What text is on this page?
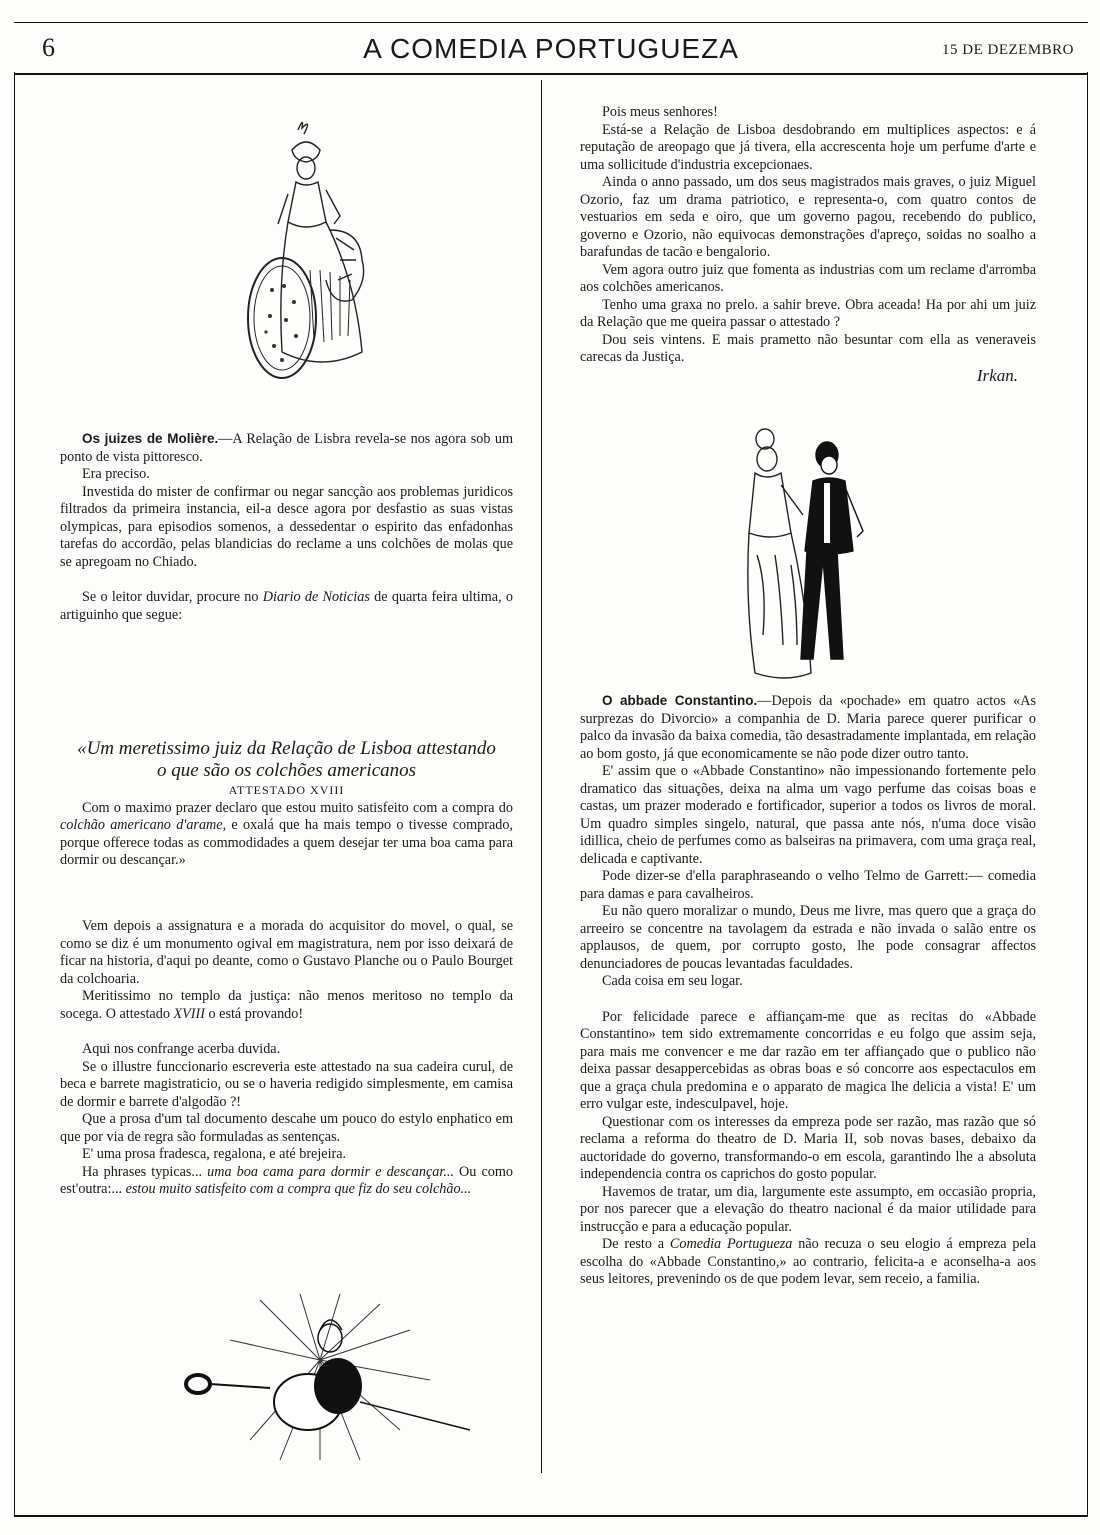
6	A COMEDIA PORTUGUEZA	15 DE DEZEMBRO

Os juizes de Molière.—A Relação de Lisbra revela-se nos agora sob um ponto de vista pittoresco.

Era preciso.

Investida do mister de confirmar ou negar sancção aos problemas juridicos filtrados da primeira instancia, eil-a desce agora por desfastio as suas vistas olympicas, para episodios somenos, a dessedentar o espirito das enfadonhas tarefas do accordão, pelas blandicias do reclame a uns colchões de molas que se apregoam no Chiado.

Se o leitor duvidar, procure no Diario de Noticias de quarta feira ultima, o artiguinho que segue:

«Um meretissimo juiz da Relação de Lisboa attestando
o que são os colchões americanos
ATTESTADO XVIII

Com o maximo prazer declaro que estou muito satisfeito com a compra do colchão americano d'arame, e oxalá que ha mais tempo o tivesse comprado, porque offerece todas as commodidades a quem desejar ter uma boa cama para dormir ou descançar.»

Vem depois a assignatura e a morada do acquisitor do movel, o qual, se como se diz é um monumento ogival em magistratura, nem por isso deixará de ficar na historia, d'aqui po deante, como o Gustavo Planche ou o Paulo Bourget da colchoaria.

Meritissimo no templo da justiça: não menos meritoso no templo da socega. O attestado XVIII o está provando!

Aqui nos confrange acerba duvida.

Se o illustre funccionario escreveria este attestado na sua cadeira curul, de beca e barrete magistraticio, ou se o haveria redigido simplesmente, em camisa de dormir e barrete d'algodão ?!

Que a prosa d'um tal documento descahe um pouco do estylo enphatico em que por via de regra são formuladas as sentenças.

E' uma prosa fradesca, regalona, e até brejeira.

Ha phrases typicas... uma boa cama para dormir e descançar... Ou como est'outra:... estou muito satisfeito com a compra que fiz do seu colchão...

Pois meus senhores!

Está-se a Relação de Lisboa desdobrando em multiplices aspectos: e á reputação de areopago que já tivera, ella accrescenta hoje um perfume d'arte e uma sollicitude d'industria excepcionaes.

Ainda o anno passado, um dos seus magistrados mais graves, o juiz Miguel Ozorio, faz um drama patriotico, e representa-o, com quatro contos de vestuarios em seda e oiro, que um governo pagou, recebendo do publico, governo e Ozorio, não equivocas demonstrações d'apreço, soidas no soalho a barafundas de tacão e bengalorio.

Vem agora outro juiz que fomenta as industrias com um reclame d'arromba aos colchões americanos.

Tenho uma graxa no prelo. a sahir breve. Obra aceada! Ha por ahi um juiz da Relação que me queira passar o attestado ?

Dou seis vintens. E mais prametto não besuntar com ella as veneraveis carecas da Justiça.

Irkan.

O abbade Constantino.—Depois da «pochade» em quatro actos «As surprezas do Divorcio» a companhia de D. Maria parece querer purificar o palco da invasão da baixa comedia, tão desastradamente implantada, em relação ao bom gosto, já que economicamente se não pode dizer outro tanto.

E' assim que o «Abbade Constantino» não impessionando fortemente pelo dramatico das situações, deixa na alma um vago perfume das coisas boas e castas, um prazer moderado e fortificador, superior a todos os livros de moral. Um quadro simples singelo, natural, que passa ante nós, n'uma doce visão idillica, cheio de perfumes como as balseiras na primavera, com uma graça real, delicada e captivante.

Pode dizer-se d'ella paraphraseando o velho Telmo de Garrett:— comedia para damas e para cavalheiros.

Eu não quero moralizar o mundo, Deus me livre, mas quero que a graça do arreeiro se concentre na tavolagem da estrada e não invada o salão entre os applausos, de quem, por corrupto gosto, lhe pode consagrar affectos denunciadores de poucas levantadas faculdades.

Cada coisa em seu logar.

Por felicidade parece e affiançam-me que as recitas do «Abbade Constantino» tem sido extremamente concorridas e eu folgo que assim seja, para mais me convencer e me dar razão em ter affiançado que o publico não deixa passar desappercebidas as obras boas e só concorre aos espectaculos em que a graça chula predomina e o apparato de magica lhe delicia a vista! E' um erro vulgar este, indesculpavel, hoje.

Questionar com os interesses da empreza pode ser razão, mas razão que só reclama a reforma do theatro de D. Maria II, sob novas bases, debaixo da auctoridade do governo, transformando-o em escola, garantindo lhe a absoluta independencia contra os caprichos do gosto popular.

Havemos de tratar, um dia, largumente este assumpto, em occasião propria, por nos parecer que a elevação do theatro nacional é da maior utilidade para instrucção e para a educação popular.

De resto a Comedia Portugueza não recuza o seu elogio á empreza pela escolha do «Abbade Constantino,» ao contrario, felicita-a e aconselha-a aos seus leitores, prevenindo os de que podem levar, sem receio, a familia.
